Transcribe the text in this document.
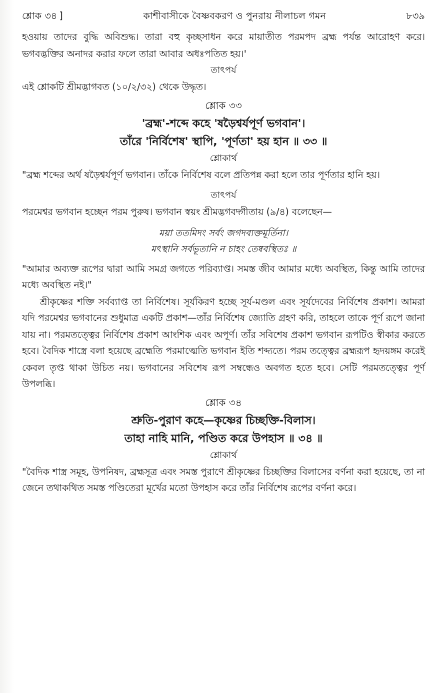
শ্লোক ৩৪ ]	কাশীবাসীকে বৈষ্ণবকরণ ও পুনরায় নীলাচল গমন	৮৩৯

হওয়ায় তাদের বুদ্ধি অবিশুদ্ধ। তারা বহু কৃচ্ছসাধন করে মায়াতীত পরমপদ ব্রহ্ম পর্যন্ত আরোহণ করে। ভগবদ্ভক্তির অনাদর করার ফলে তারা আবার অধঃপতিত হয়।'

তাৎপর্য

এই শ্লোকটি শ্রীমদ্ভাগবত (১০/২/৩২) থেকে উদ্ধৃত।

শ্লোক ৩৩

'ব্রহ্ম'-শব্দে কহে 'ষড়ৈশ্বর্যপূর্ণ ভগবান'।

তাঁরে 'নির্বিশেষ' স্থাপি, 'পূর্ণতা' হয় হান ॥ ৩৩ ॥

শ্লোকার্থ

"ব্রহ্ম শব্দের অর্থ ষড়ৈশ্বর্যপূর্ণ ভগবান। তাঁকে নির্বিশেষ বলে প্রতিপন্ন করা হলে তার পূর্ণতার হানি হয়।

তাৎপর্য

পরমেশ্বর ভগবান হচ্ছেন পরম পুরুষ। ভগবান স্বয়ং শ্রীমদ্ভগবদ্গীতায় (৯/৪) বলেছেন—

ময়া ততমিদং সর্বং জগদব্যক্তমূর্তিনা।

মৎস্থানি সর্বভূতানি ন চাহং তেষ্ববস্থিতঃ ॥

"আমার অব্যক্ত রূপের দ্বারা আমি সমগ্র জগতে পরিব্যাপ্ত। সমস্ত জীব আমার মধ্যে অবস্থিত, কিন্তু আমি তাদের মধ্যে অবস্থিত নই।"

শ্রীকৃষ্ণের শক্তি সর্বব্যাপ্ত তা নির্বিশেষ। সূর্যকিরণ হচ্ছে সূর্য-মণ্ডল এবং সূর্যদেবের নির্বিশেষ প্রকাশ। আমরা যদি পরমেশ্বর ভগবানের শুধুমাত্র একটি প্রকাশ—তাঁর নির্বিশেষ জ্যোতি গ্রহণ করি, তাহলে তাকে পূর্ণ রূপে জানা যায় না। পরমতত্ত্বের নির্বিশেষ প্রকাশ আংশিক এবং অপূর্ণ। তাঁর সবিশেষ প্রকাশ ভগবান রূপটিও স্বীকার করতে হবে। বৈদিক শাস্ত্রে বলা হয়েছে ব্রহ্মেতি পরমাত্মেতি ভগবান ইতি শব্দ্যতে। পরম তত্ত্বের ব্রহ্মরূপ হৃদয়ঙ্গম করেই কেবল তৃপ্ত থাকা উচিত নয়। ভগবানের সবিশেষ রূপ সম্বন্ধেও অবগত হতে হবে। সেটি পরমতত্ত্বের পূর্ণ উপলব্ধি।

শ্লোক ৩৪

শ্রুতি-পুরাণ কহে—কৃষ্ণের চিচ্ছক্তি-বিলাস।

তাহা নাহি মানি, পণ্ডিত করে উপহাস ॥ ৩৪ ॥

শ্লোকার্থ

"বৈদিক শাস্ত্র সমূহ, উপনিষদ, ব্রহ্মসূত্র এবং সমস্ত পুরাণে শ্রীকৃষ্ণের চিচ্ছক্তির বিলাসের বর্ণনা করা হয়েছে, তা না জেনে তথাকথিত সমস্ত পণ্ডিতেরা মূর্খের মতো উপহাস করে তাঁর নির্বিশেষ রূপের বর্ণনা করে।
